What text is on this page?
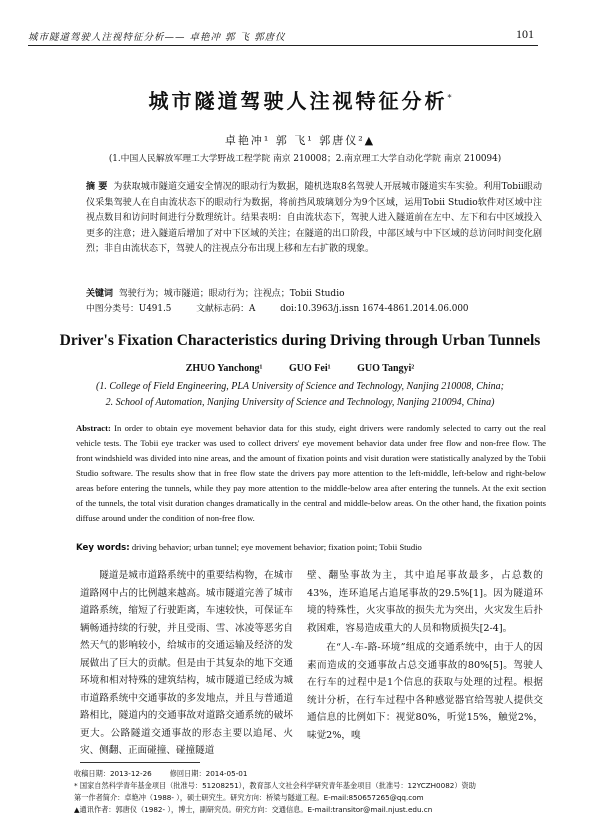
城市隧道驾驶人注视特征分析—— 卓艳冲 郭 飞 郭唐仪	101
城市隧道驾驶人注视特征分析*
卓艳冲¹ 郭 飞¹ 郭唐仪²▲
(1.中国人民解放军理工大学野战工程学院 南京 210008；2.南京理工大学自动化学院 南京 210094)
摘 要 为获取城市隧道交通安全情况的眼动行为数据，随机选取8名驾驶人开展城市隧道实车实验。利用Tobii眼动仪采集驾驶人在自由流状态下的眼动行为数据，将前挡风玻璃划分为9个区域，运用Tobii Studio软件对区域中注视点数目和访问时间进行分数理统计。结果表明：自由流状态下，驾驶人进入隧道前在左中、左下和右中区域投入更多的注意；进入隧道后增加了对中下区域的关注；在隧道的出口阶段，中部区域与中下区域的总访问时间变化剧烈；非自由流状态下，驾驶人的注视点分布出现上移和左右扩散的现象。
关键词 驾驶行为；城市隧道；眼动行为；注视点；Tobii Studio
中图分类号：U491.5	文献标志码：A	doi:10.3963/j.issn 1674-4861.2014.06.000
Driver's Fixation Characteristics during Driving through Urban Tunnels
ZHUO Yanchong¹	GUO Fei¹	GUO Tangyi²
(1. College of Field Engineering, PLA University of Science and Technology, Nanjing 210008, China;
2. School of Automation, Nanjing University of Science and Technology, Nanjing 210094, China)
Abstract: In order to obtain eye movement behavior data for this study, eight drivers were randomly selected to carry out the real vehicle tests. The Tobii eye tracker was used to collect drivers' eye movement behavior data under free flow and non-free flow. The front windshield was divided into nine areas, and the amount of fixation points and visit duration were statistically analyzed by the Tobii Studio software. The results show that in free flow state the drivers pay more attention to the left-middle, left-below and right-below areas before entering the tunnels, while they pay more attention to the middle-below area after entering the tunnels. At the exit section of the tunnels, the total visit duration changes dramatically in the central and middle-below areas. On the other hand, the fixation points diffuse around under the condition of non-free flow.
Key words: driving behavior; urban tunnel; eye movement behavior; fixation point; Tobii Studio
隧道是城市道路系统中的重要结构物，在城市道路网中占的比例越来越高。城市隧道完善了城市道路系统，缩短了行驶距离，车速较快，可保证车辆畅通持续的行驶，并且受雨、雪、冰凌等恶劣自然天气的影响较小，给城市的交通运输及经济的发展做出了巨大的贡献。但是由于其复杂的地下交通环境和相对特殊的建筑结构，城市隧道已经成为城市道路系统中交通事故的多发地点，并且与普通道路相比，隧道内的交通事故对道路交通系统的破坏更大。公路隧道交通事故的形态主要以追尾、火灾、侧翻、正面碰撞、碰撞隧道

壁、翻坠事故为主，其中追尾事故最多，占总数的43%，连环追尾占追尾事故的29.5%[1]。因为隧道环境的特殊性，火灾事故的损失尤为突出，火灾发生后扑救困难，容易造成重大的人员和物质损失[2-4]。

在“人-车-路-环境”组成的交通系统中，由于人的因素而造成的交通事故占总交通事故的80%[5]。驾驶人在行车的过程中是1个信息的获取与处理的过程。根据统计分析，在行车过程中各种感觉器官给驾驶人提供交通信息的比例如下：视觉80%，听觉15%，触觉2%，味觉2%，嗅

收稿日期：2013-12-26	修回日期：2014-05-01
* 国家自然科学青年基金项目（批准号：51208251），教育部人文社会科学研究青年基金项目（批准号：12YCZH0082）资助
第一作者简介：卓艳冲（1988- ），硕士研究生。研究方向：桥梁与隧道工程。E-mail:850657265@qq.com
▲通讯作者：郭唐仪（1982- ），博士，副研究员。研究方向：交通信息。E-mail:transitor@mail.njust.edu.cn
